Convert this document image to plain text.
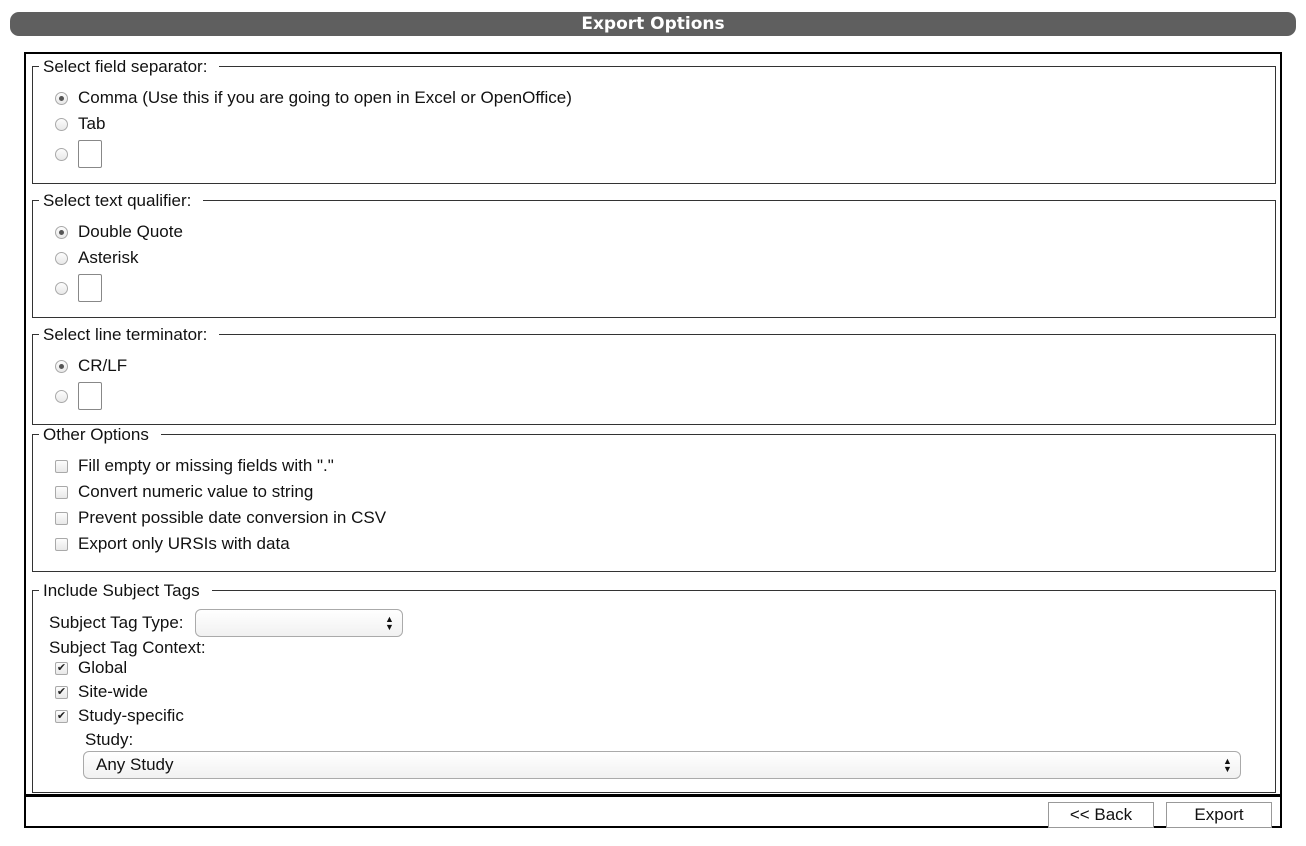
Export Options
Select field separator:
Comma (Use this if you are going to open in Excel or OpenOffice)
Tab
Select text qualifier:
Double Quote
Asterisk
Select line terminator:
CR/LF
Other Options
Fill empty or missing fields with "."
Convert numeric value to string
Prevent possible date conversion in CSV
Export only URSIs with data
Include Subject Tags
Subject Tag Type:	▲
▼
Subject Tag Context:
✔ Global
✔ Site-wide
✔ Study-specific
Study:
Any Study	▲
▼
<< Back	Export
